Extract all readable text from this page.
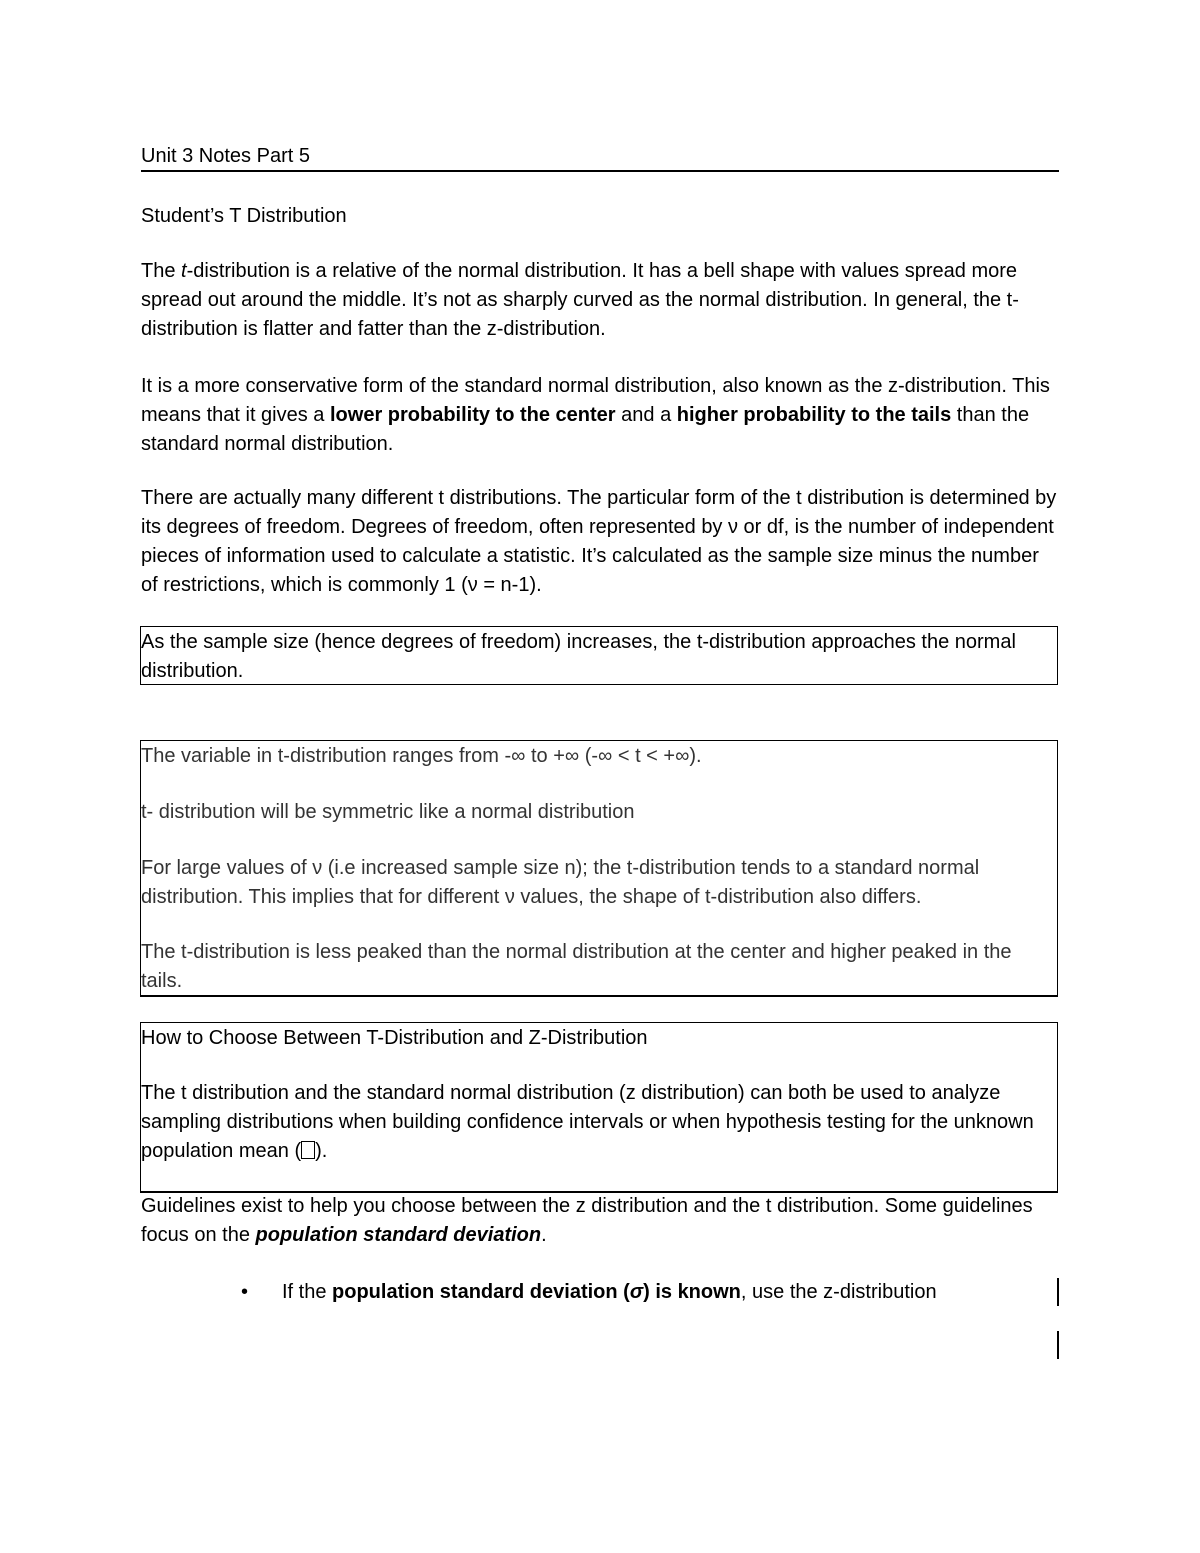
Unit 3 Notes Part 5
Student’s T Distribution
The t-distribution is a relative of the normal distribution. It has a bell shape with values spread more spread out around the middle. It’s not as sharply curved as the normal distribution. In general, the t-distribution is flatter and fatter than the z-distribution.
It is a more conservative form of the standard normal distribution, also known as the z-distribution. This means that it gives a lower probability to the center and a higher probability to the tails than the standard normal distribution.
There are actually many different t distributions. The particular form of the t distribution is determined by its degrees of freedom. Degrees of freedom, often represented by ν or df, is the number of independent pieces of information used to calculate a statistic. It’s calculated as the sample size minus the number of restrictions, which is commonly 1 (ν = n-1).
As the sample size (hence degrees of freedom) increases, the t-distribution approaches the normal distribution.
The variable in t-distribution ranges from -∞ to +∞ (-∞ < t < +∞).
t- distribution will be symmetric like a normal distribution
For large values of ν (i.e increased sample size n); the t-distribution tends to a standard normal distribution. This implies that for different ν values, the shape of t-distribution also differs.
The t-distribution is less peaked than the normal distribution at the center and higher peaked in the tails.
How to Choose Between T-Distribution and Z-Distribution
The t distribution and the standard normal distribution (z distribution) can both be used to analyze sampling distributions when building confidence intervals or when hypothesis testing for the unknown population mean ( ).
Guidelines exist to help you choose between the z distribution and the t distribution. Some guidelines focus on the population standard deviation.
•	If the population standard deviation (σ) is known, use the z-distribution
